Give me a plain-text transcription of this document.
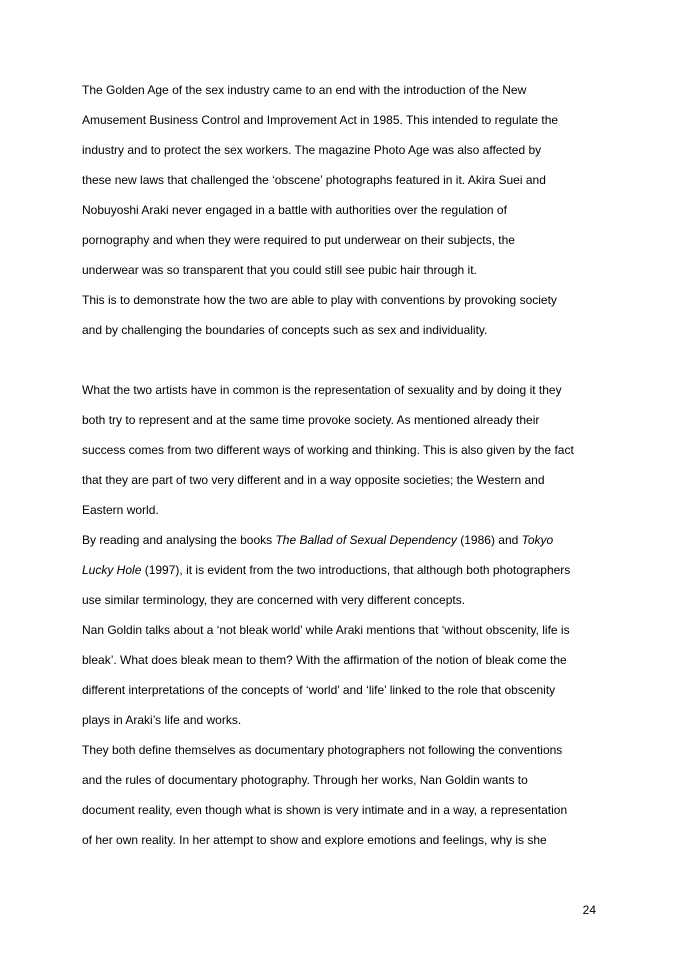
The Golden Age of the sex industry came to an end with the introduction of the New
Amusement Business Control and Improvement Act in 1985. This intended to regulate the
industry and to protect the sex workers. The magazine Photo Age was also affected by
these new laws that challenged the ‘obscene’ photographs featured in it. Akira Suei and
Nobuyoshi Araki never engaged in a battle with authorities over the regulation of
pornography and when they were required to put underwear on their subjects, the
underwear was so transparent that you could still see pubic hair through it.
This is to demonstrate how the two are able to play with conventions by provoking society
and by challenging the boundaries of concepts such as sex and individuality.
What the two artists have in common is the representation of sexuality and by doing it they
both try to represent and at the same time provoke society. As mentioned already their
success comes from two different ways of working and thinking. This is also given by the fact
that they are part of two very different and in a way opposite societies; the Western and
Eastern world.
By reading and analysing the books The Ballad of Sexual Dependency (1986) and Tokyo
Lucky Hole (1997), it is evident from the two introductions, that although both photographers
use similar terminology, they are concerned with very different concepts.
Nan Goldin talks about a ‘not bleak world’ while Araki mentions that ‘without obscenity, life is
bleak’. What does bleak mean to them? With the affirmation of the notion of bleak come the
different interpretations of the concepts of ‘world’ and ‘life’ linked to the role that obscenity
plays in Araki’s life and works.
They both define themselves as documentary photographers not following the conventions
and the rules of documentary photography. Through her works, Nan Goldin wants to
document reality, even though what is shown is very intimate and in a way, a representation
of her own reality. In her attempt to show and explore emotions and feelings, why is she
24
